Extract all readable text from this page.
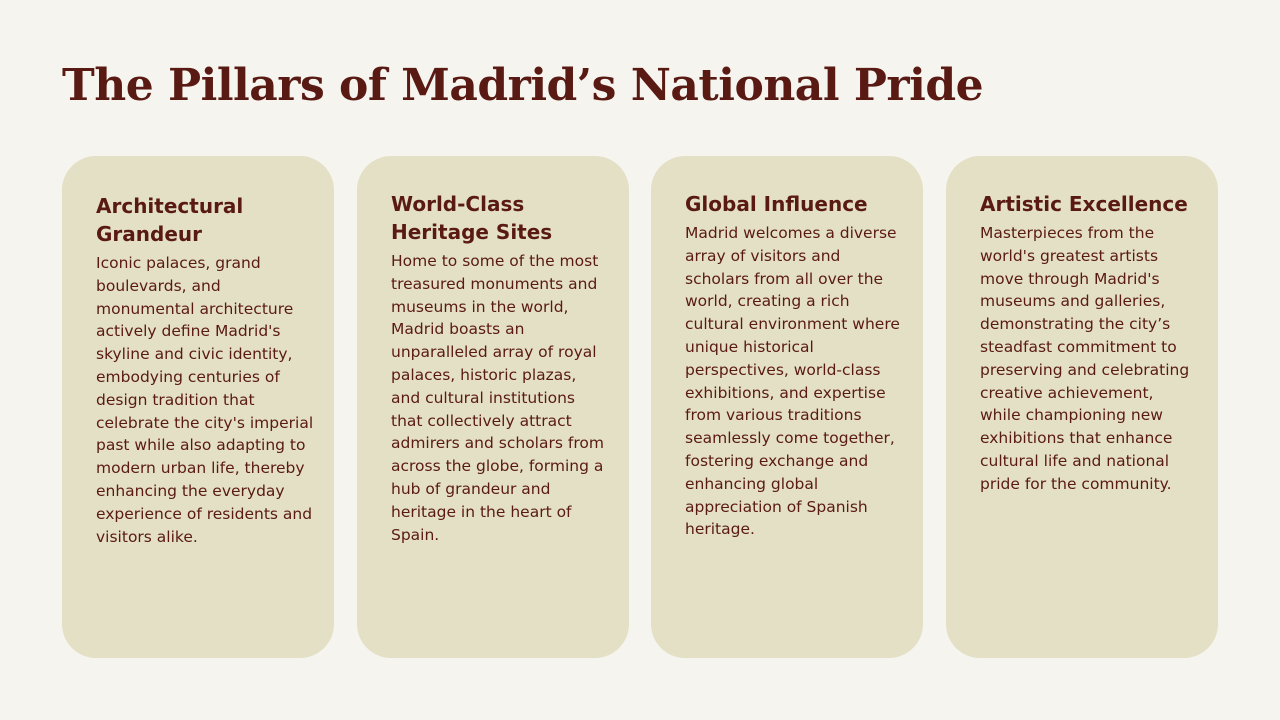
The Pillars of Madrid’s National Pride
Architectural Grandeur

Iconic palaces, grand boulevards, and monumental architecture actively define Madrid's skyline and civic identity, embodying centuries of design tradition that celebrate the city's imperial past while also adapting to modern urban life, thereby enhancing the everyday experience of residents and visitors alike.

World-Class Heritage Sites

Home to some of the most treasured monuments and museums in the world, Madrid boasts an unparalleled array of royal palaces, historic plazas, and cultural institutions that collectively attract admirers and scholars from across the globe, forming a hub of grandeur and heritage in the heart of Spain.

Global Influence

Madrid welcomes a diverse array of visitors and scholars from all over the world, creating a rich cultural environment where unique historical perspectives, world-class exhibitions, and expertise from various traditions seamlessly come together, fostering exchange and enhancing global appreciation of Spanish heritage.

Artistic Excellence

Masterpieces from the world's greatest artists move through Madrid's museums and galleries, demonstrating the city’s steadfast commitment to preserving and celebrating creative achievement, while championing new exhibitions that enhance cultural life and national pride for the community.
